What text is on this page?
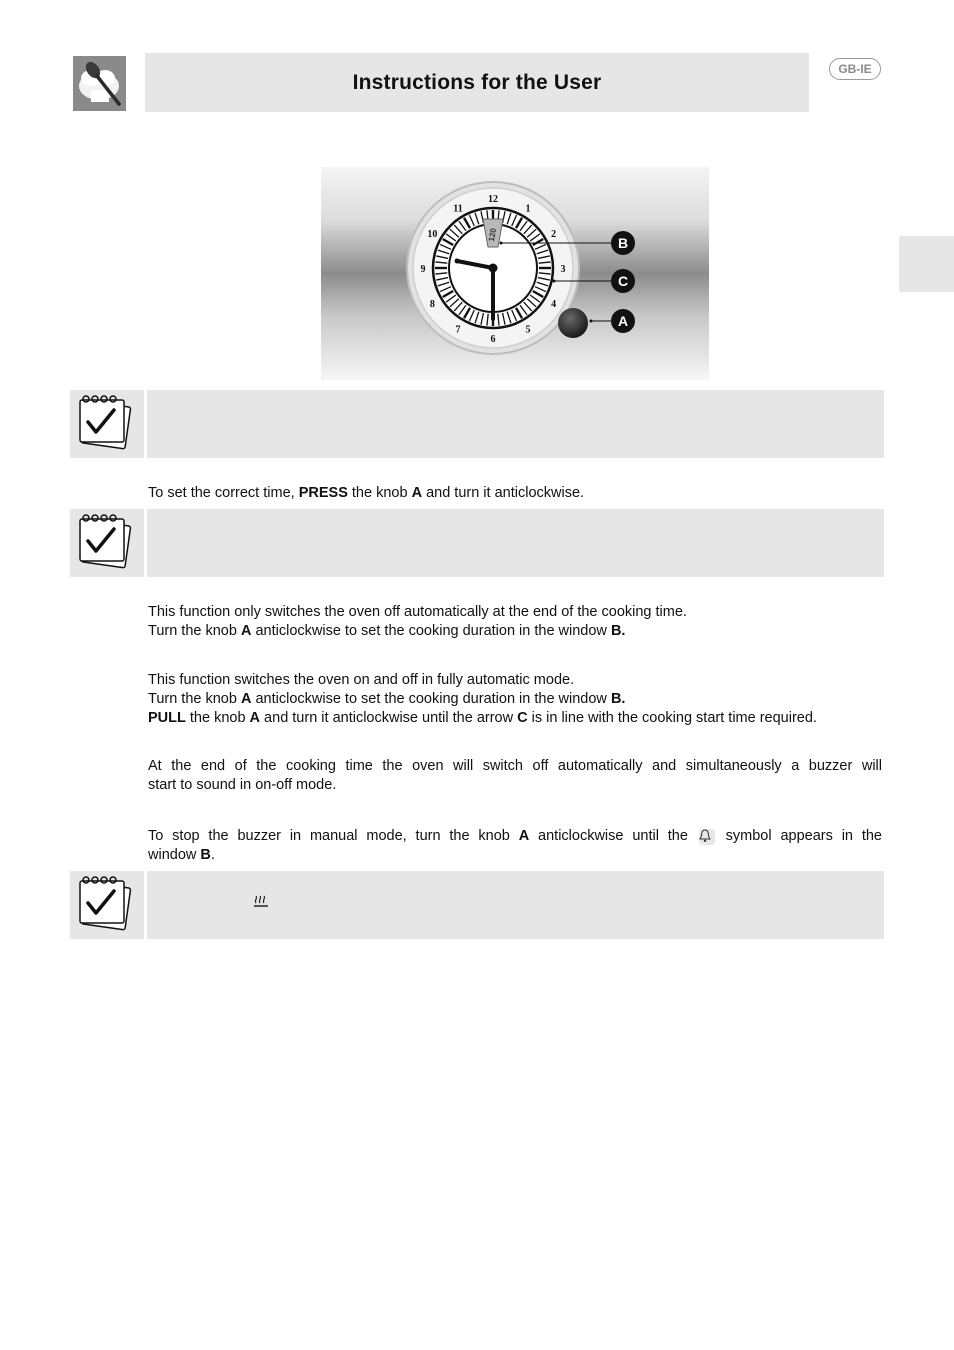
Instructions for the User
GB-IE
12
1
2
3
4
5
6
7
8
9
10
11
120
B
C
A
To set the correct time, PRESS the knob A and turn it anticlockwise.
This function only switches the oven off automatically at the end of the cooking time.
Turn the knob A anticlockwise to set the cooking duration in the window B.
This function switches the oven on and off in fully automatic mode.
Turn the knob A anticlockwise to set the cooking duration in the window B.
PULL the knob A and turn it anticlockwise until the arrow C is in line with the cooking start time required.
At the end of the cooking time the oven will switch off automatically and simultaneously a buzzer will
start to sound in on-off mode.
To stop the buzzer in manual mode, turn the knob A anticlockwise until the  symbol appears in the
window B.
